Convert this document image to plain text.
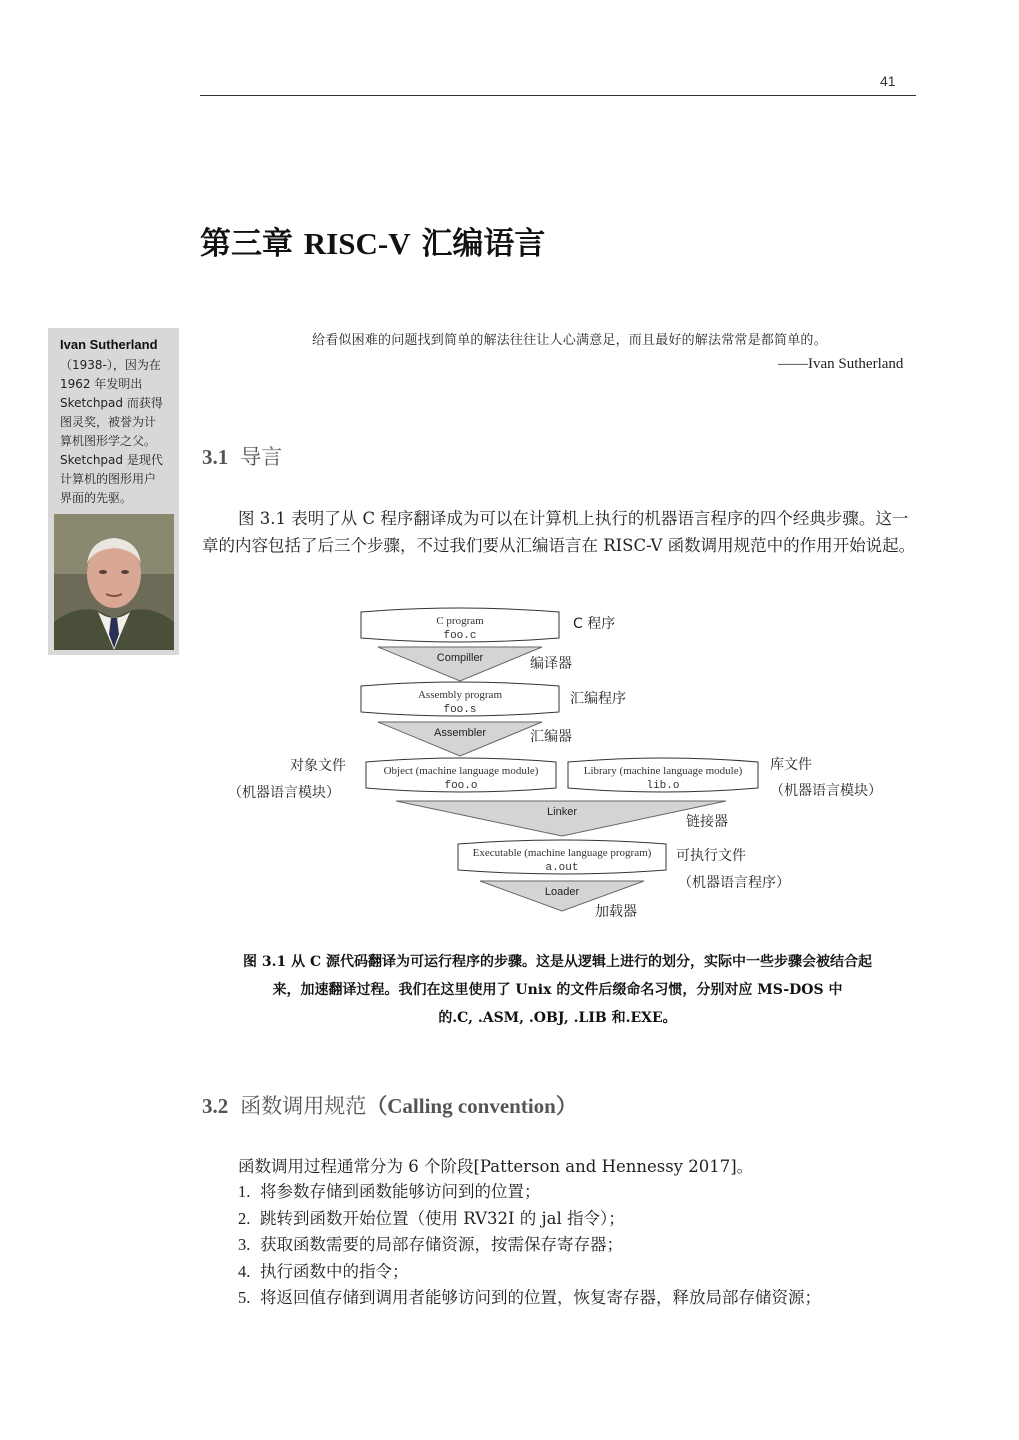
41
第三章 RISC-V 汇编语言
Ivan Sutherland
（1938-），因为在
1962 年发明出
Sketchpad 而获得
图灵奖，被誉为计
算机图形学之父。
Sketchpad 是现代
计算机的图形用户
界面的先驱。
给看似困难的问题找到简单的解法往往让人心满意足，而且最好的解法常常是都简单的。
——Ivan Sutherland
3.1 导言
图 3.1 表明了从 C 程序翻译成为可以在计算机上执行的机器语言程序的四个经典步骤。这一章的内容包括了后三个步骤，不过我们要从汇编语言在 RISC-V 函数调用规范中的作用开始说起。
C program
foo.c
C 程序
Compiller	编译器
Assembly program
foo.s
汇编程序
Assembler	汇编器
对象文件
（机器语言模块）
Object (machine language module)
foo.o
Library (machine language module)
lib.o
库文件
（机器语言模块）
Linker
链接器
Executable (machine language program)
a.out
可执行文件
（机器语言程序）
Loader
加载器
图 3.1 从 C 源代码翻译为可运行程序的步骤。这是从逻辑上进行的划分，实际中一些步骤会被结合起
来，加速翻译过程。我们在这里使用了 Unix 的文件后缀命名习惯，分别对应 MS-DOS 中
的.C, .ASM, .OBJ, .LIB 和.EXE。
3.2 函数调用规范（Calling convention）
函数调用过程通常分为 6 个阶段[Patterson and Hennessy 2017]。
1. 将参数存储到函数能够访问到的位置；
2. 跳转到函数开始位置（使用 RV32I 的 jal 指令）；
3. 获取函数需要的局部存储资源，按需保存寄存器；
4. 执行函数中的指令；
5. 将返回值存储到调用者能够访问到的位置，恢复寄存器，释放局部存储资源；
